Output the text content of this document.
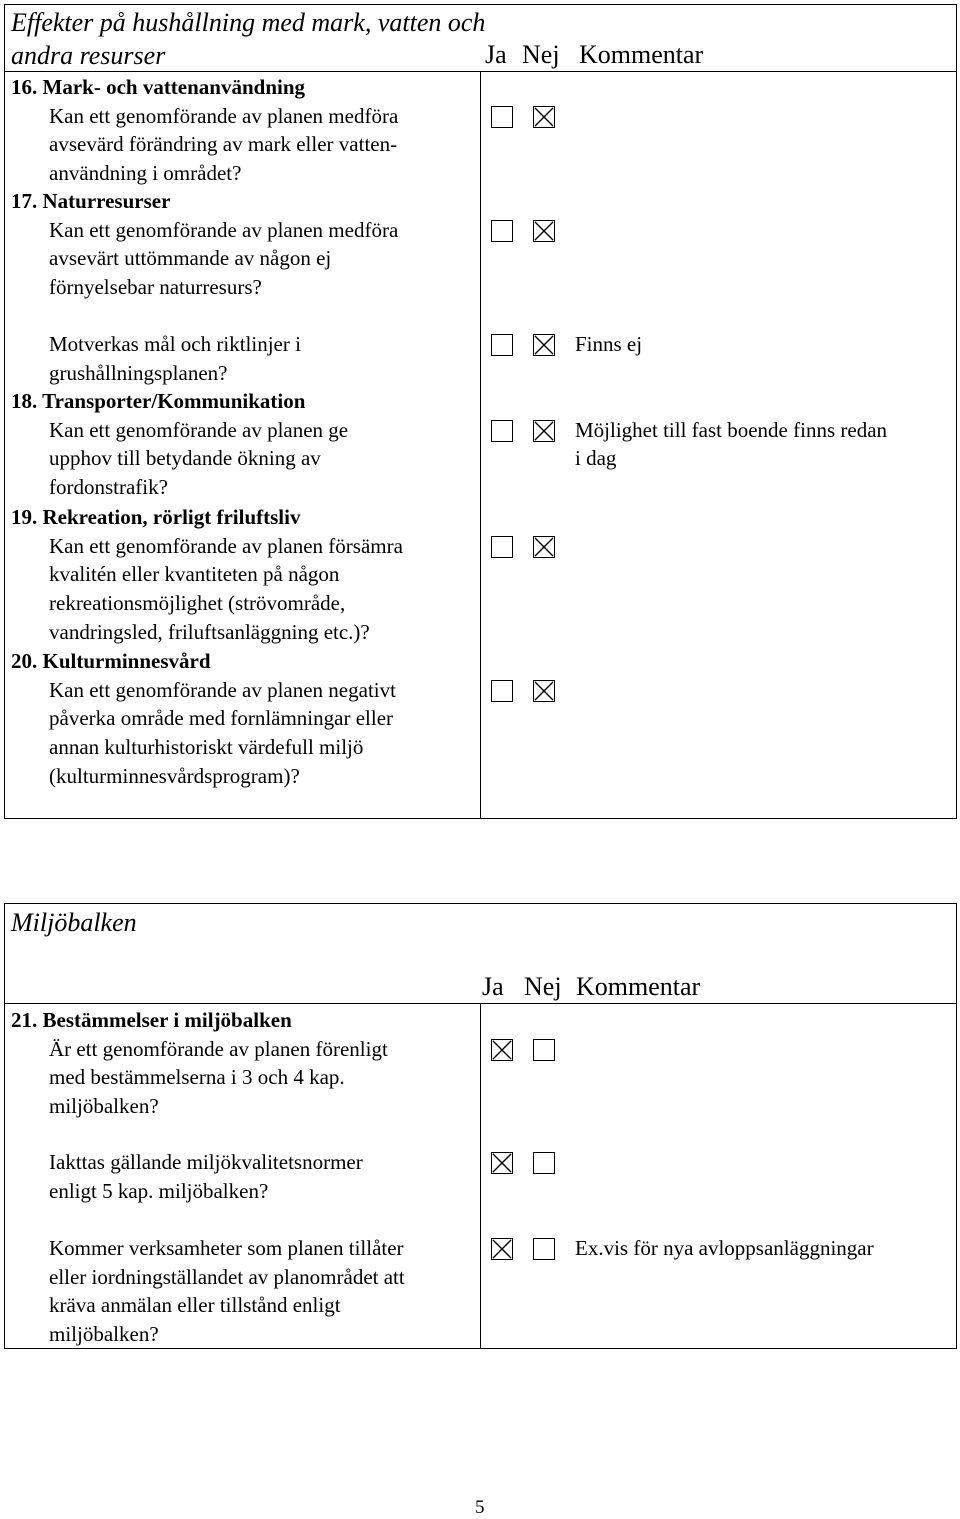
Effekter på hushållning med mark, vatten och
andra resurser	Ja Nej Kommentar
16. Mark- och vattenanvändning
Kan ett genomförande av planen medföra
avsevärd förändring av mark eller vatten-
användning i området?
17. Naturresurser
Kan ett genomförande av planen medföra
avsevärt uttömmande av någon ej
förnyelsebar naturresurs?
Motverkas mål och riktlinjer i
grushållningsplanen?
Finns ej
18. Transporter/Kommunikation
Kan ett genomförande av planen ge
upphov till betydande ökning av
fordonstrafik?
Möjlighet till fast boende finns redan
i dag
19. Rekreation, rörligt friluftsliv
Kan ett genomförande av planen försämra
kvalitén eller kvantiteten på någon
rekreationsmöjlighet (strövområde,
vandringsled, friluftsanläggning etc.)?
20. Kulturminnesvård
Kan ett genomförande av planen negativt
påverka område med fornlämningar eller
annan kulturhistoriskt värdefull miljö
(kulturminnesvårdsprogram)?
Miljöbalken
Ja Nej Kommentar
21. Bestämmelser i miljöbalken
Är ett genomförande av planen förenligt
med bestämmelserna i 3 och 4 kap.
miljöbalken?
Iakttas gällande miljökvalitetsnormer
enligt 5 kap. miljöbalken?
Kommer verksamheter som planen tillåter
eller iordningställandet av planområdet att
kräva anmälan eller tillstånd enligt
miljöbalken?
Ex.vis för nya avloppsanläggningar
5
